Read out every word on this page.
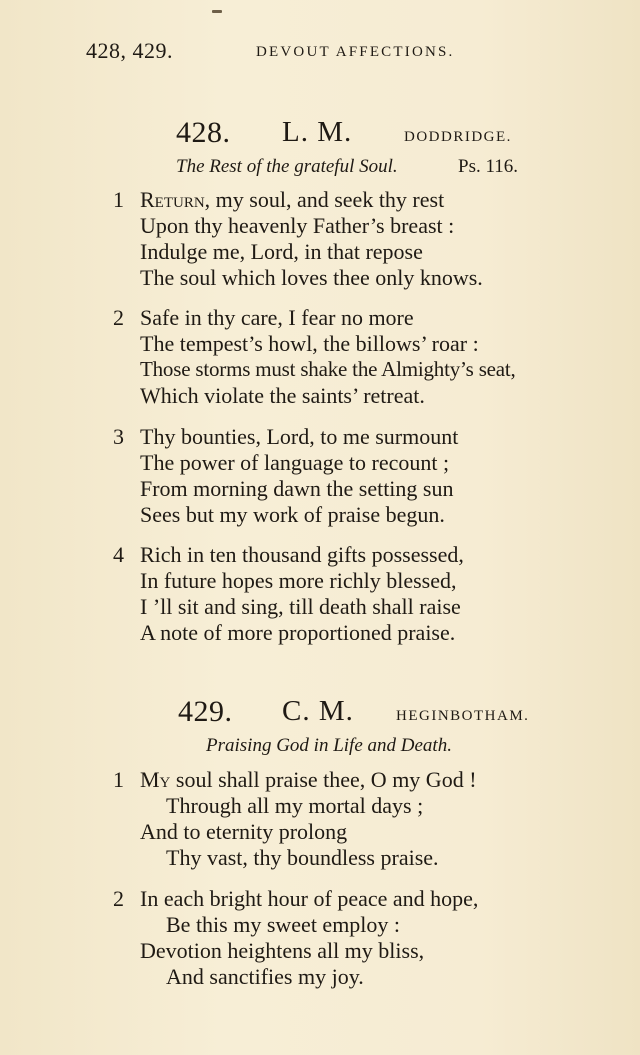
428, 429.	DEVOUT AFFECTIONS.
428. L. M.	DODDRIDGE.
The Rest of the grateful Soul.	Ps. 116.
1 Return, my soul, and seek thy rest
Upon thy heavenly Father’s breast :
Indulge me, Lord, in that repose
The soul which loves thee only knows.
2 Safe in thy care, I fear no more
The tempest’s howl, the billows’ roar :
Those storms must shake the Almighty’s seat,
Which violate the saints’ retreat.
3 Thy bounties, Lord, to me surmount
The power of language to recount ;
From morning dawn the setting sun
Sees but my work of praise begun.
4 Rich in ten thousand gifts possessed,
In future hopes more richly blessed,
I ’ll sit and sing, till death shall raise
A note of more proportioned praise.
429. C. M.	HEGINBOTHAM.
Praising God in Life and Death.
1 My soul shall praise thee, O my God !
Through all my mortal days ;
And to eternity prolong
Thy vast, thy boundless praise.
2 In each bright hour of peace and hope,
Be this my sweet employ :
Devotion heightens all my bliss,
And sanctifies my joy.
